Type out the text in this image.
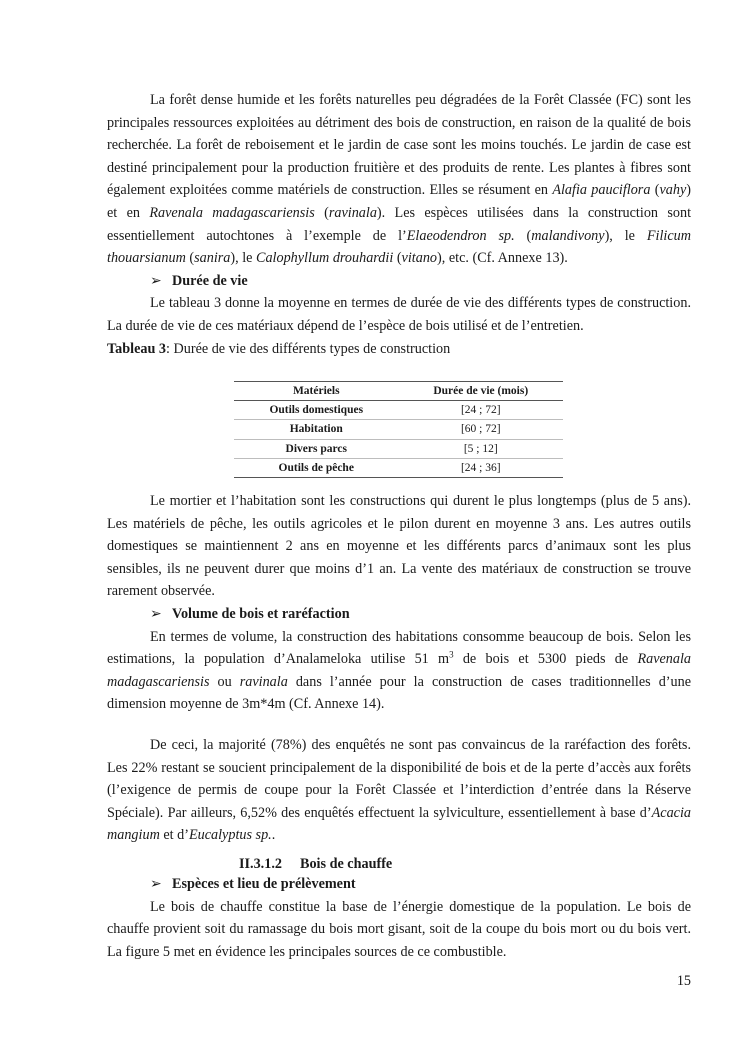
La forêt dense humide et les forêts naturelles peu dégradées de la Forêt Classée (FC) sont les principales ressources exploitées au détriment des bois de construction, en raison de la qualité de bois recherchée. La forêt de reboisement et le jardin de case sont les moins touchés. Le jardin de case est destiné principalement pour la production fruitière et des produits de rente. Les plantes à fibres sont également exploitées comme matériels de construction. Elles se résument en Alafia pauciflora (vahy) et en Ravenala madagascariensis (ravinala). Les espèces utilisées dans la construction sont essentiellement autochtones à l’exemple de l’Elaeodendron sp. (malandivony), le Filicum thouarsianum (sanira), le Calophyllum drouhardii (vitano), etc. (Cf. Annexe 13).

➢ Durée de vie

Le tableau 3 donne la moyenne en termes de durée de vie des différents types de construction. La durée de vie de ces matériaux dépend de l’espèce de bois utilisé et de l’entretien.

Tableau 3: Durée de vie des différents types de construction

Matériels	Durée de vie (mois)
Outils domestiques	[24 ; 72]
Habitation	[60 ; 72]
Divers parcs	[5 ; 12]
Outils de pêche	[24 ; 36]

Le mortier et l’habitation sont les constructions qui durent le plus longtemps (plus de 5 ans). Les matériels de pêche, les outils agricoles et le pilon durent en moyenne 3 ans. Les autres outils domestiques se maintiennent 2 ans en moyenne et les différents parcs d’animaux sont les plus sensibles, ils ne peuvent durer que moins d’1 an. La vente des matériaux de construction se trouve rarement observée.

➢ Volume de bois et raréfaction

En termes de volume, la construction des habitations consomme beaucoup de bois. Selon les estimations, la population d’Analameloka utilise 51 $m^3$ de bois et 5300 pieds de Ravenala madagascariensis ou ravinala dans l’année pour la construction de cases traditionnelles d’une dimension moyenne de 3m*4m (Cf. Annexe 14).

De ceci, la majorité (78%) des enquêtés ne sont pas convaincus de la raréfaction des forêts. Les 22% restant se soucient principalement de la disponibilité de bois et de la perte d’accès aux forêts (l’exigence de permis de coupe pour la Forêt Classée et l’interdiction d’entrée dans la Réserve Spéciale). Par ailleurs, 6,52% des enquêtés effectuent la sylviculture, essentiellement à base d’Acacia mangium et d’Eucalyptus sp..

II.3.1.2 Bois de chauffe

➢ Espèces et lieu de prélèvement

Le bois de chauffe constitue la base de l’énergie domestique de la population. Le bois de chauffe provient soit du ramassage du bois mort gisant, soit de la coupe du bois mort ou du bois vert. La figure 5 met en évidence les principales sources de ce combustible.

15
